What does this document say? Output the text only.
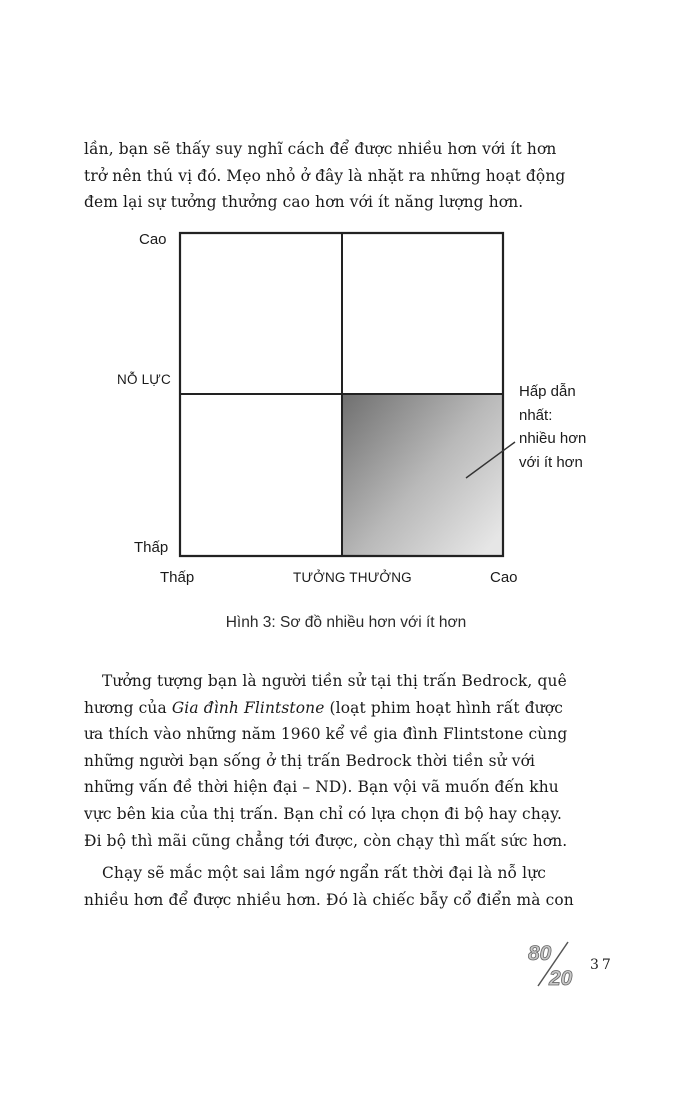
lần, bạn sẽ thấy suy nghĩ cách để được nhiều hơn với ít hơn
trở nên thú vị đó. Mẹo nhỏ ở đây là nhặt ra những hoạt động
đem lại sự tưởng thưởng cao hơn với ít năng lượng hơn.
Cao
NỖ LỰC
Thấp
Thấp	TƯỞNG THƯỞNG	Cao
Hấp dẫn
nhất:
nhiều hơn
với ít hơn
Hình 3: Sơ đồ nhiều hơn với ít hơn
Tưởng tượng bạn là người tiền sử tại thị trấn Bedrock, quê
hương của Gia đình Flintstone (loạt phim hoạt hình rất được
ưa thích vào những năm 1960 kể về gia đình Flintstone cùng
những người bạn sống ở thị trấn Bedrock thời tiền sử với
những vấn đề thời hiện đại – ND). Bạn vội vã muốn đến khu
vực bên kia của thị trấn. Bạn chỉ có lựa chọn đi bộ hay chạy.
Đi bộ thì mãi cũng chẳng tới được, còn chạy thì mất sức hơn.
Chạy sẽ mắc một sai lầm ngớ ngẩn rất thời đại là nỗ lực
nhiều hơn để được nhiều hơn. Đó là chiếc bẫy cổ điển mà con
80
20
37
